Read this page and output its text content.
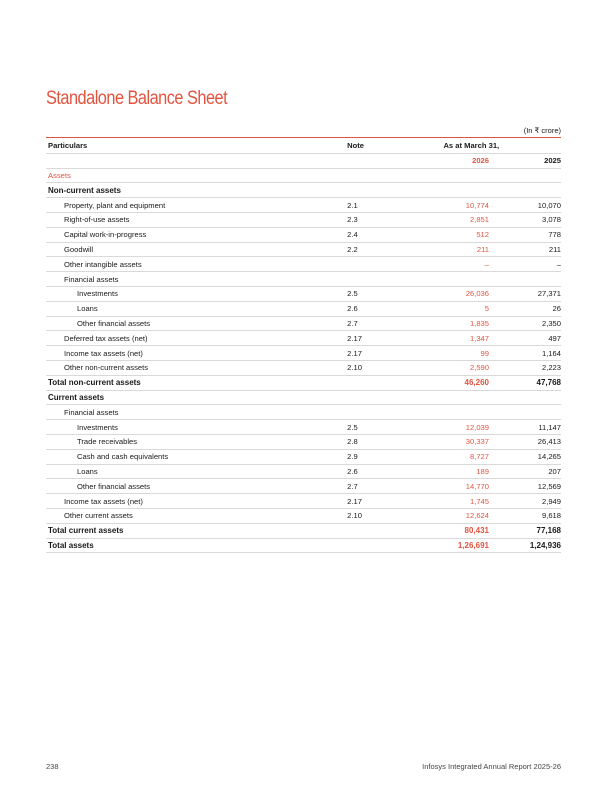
Standalone Balance Sheet
(In ₹ crore)
Particulars	Note	As at March 31,	
		2026	2025
Assets			
Non-current assets			
Property, plant and equipment	2.1	10,774	10,070
Right-of-use assets	2.3	2,851	3,078
Capital work-in-progress	2.4	512	778
Goodwill	2.2	211	211
Other intangible assets		–	–
Financial assets			
Investments	2.5	26,036	27,371
Loans	2.6	5	26
Other financial assets	2.7	1,835	2,350
Deferred tax assets (net)	2.17	1,347	497
Income tax assets (net)	2.17	99	1,164
Other non-current assets	2.10	2,590	2,223
Total non-current assets		46,260	47,768
Current assets			
Financial assets			
Investments	2.5	12,039	11,147
Trade receivables	2.8	30,337	26,413
Cash and cash equivalents	2.9	8,727	14,265
Loans	2.6	189	207
Other financial assets	2.7	14,770	12,569
Income tax assets (net)	2.17	1,745	2,949
Other current assets	2.10	12,624	9,618
Total current assets		80,431	77,168
Total assets		1,26,691	1,24,936
238	Infosys Integrated Annual Report 2025-26
